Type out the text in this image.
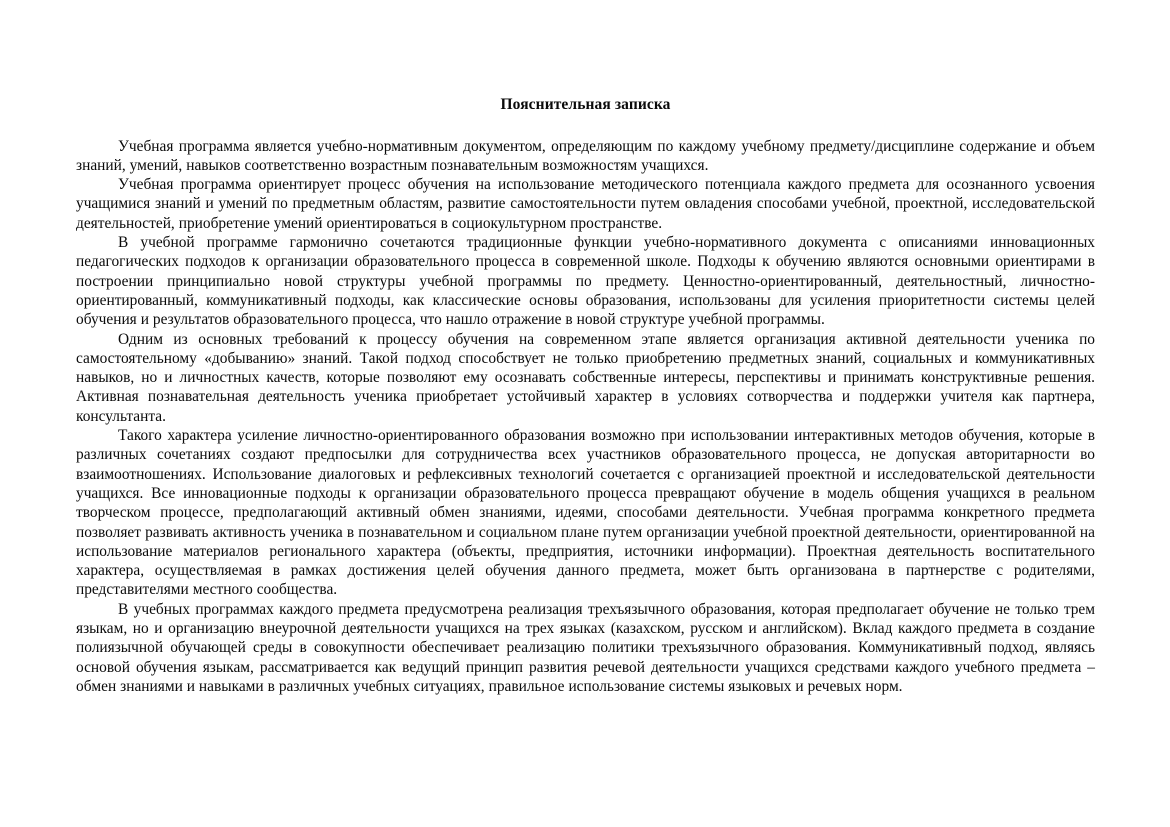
Пояснительная записка

Учебная программа является учебно-нормативным документом, определяющим по каждому учебному предмету/дисциплине содержание и объем знаний, умений, навыков соответственно возрастным познавательным возможностям учащихся.

Учебная программа ориентирует процесс обучения на использование методического потенциала каждого предмета для осознанного усвоения учащимися знаний и умений по предметным областям, развитие самостоятельности путем овладения способами учебной, проектной, исследовательской деятельностей, приобретение умений ориентироваться в социокультурном пространстве.

В учебной программе гармонично сочетаются традиционные функции учебно-нормативного документа с описаниями инновационных педагогических подходов к организации образовательного процесса в современной школе. Подходы к обучению являются основными ориентирами в построении принципиально новой структуры учебной программы по предмету. Ценностно-ориентированный, деятельностный, личностно-ориентированный, коммуникативный подходы, как классические основы образования, использованы для усиления приоритетности системы целей обучения и результатов образовательного процесса, что нашло отражение в новой структуре учебной программы.

Одним из основных требований к процессу обучения на современном этапе является организация активной деятельности ученика по самостоятельному «добыванию» знаний. Такой подход способствует не только приобретению предметных знаний, социальных и коммуникативных навыков, но и личностных качеств, которые позволяют ему осознавать собственные интересы, перспективы и принимать конструктивные решения. Активная познавательная деятельность ученика приобретает устойчивый характер в условиях сотворчества и поддержки учителя как партнера, консультанта.

Такого характера усиление личностно-ориентированного образования возможно при использовании интерактивных методов обучения, которые в различных сочетаниях создают предпосылки для сотрудничества всех участников образовательного процесса, не допуская авторитарности во взаимоотношениях. Использование диалоговых и рефлексивных технологий сочетается с организацией проектной и исследовательской деятельности учащихся. Все инновационные подходы к организации образовательного процесса превращают обучение в модель общения учащихся в реальном творческом процессе, предполагающий активный обмен знаниями, идеями, способами деятельности. Учебная программа конкретного предмета позволяет развивать активность ученика в познавательном и социальном плане путем организации учебной проектной деятельности, ориентированной на использование материалов регионального характера (объекты, предприятия, источники информации). Проектная деятельность воспитательного характера, осуществляемая в рамках достижения целей обучения данного предмета, может быть организована в партнерстве с родителями, представителями местного сообщества.

В учебных программах каждого предмета предусмотрена реализация трехъязычного образования, которая предполагает обучение не только трем языкам, но и организацию внеурочной деятельности учащихся на трех языках (казахском, русском и английском). Вклад каждого предмета в создание полиязычной обучающей среды в совокупности обеспечивает реализацию политики трехъязычного образования. Коммуникативный подход, являясь основой обучения языкам, рассматривается как ведущий принцип развития речевой деятельности учащихся средствами каждого учебного предмета – обмен знаниями и навыками в различных учебных ситуациях, правильное использование системы языковых и речевых норм.
